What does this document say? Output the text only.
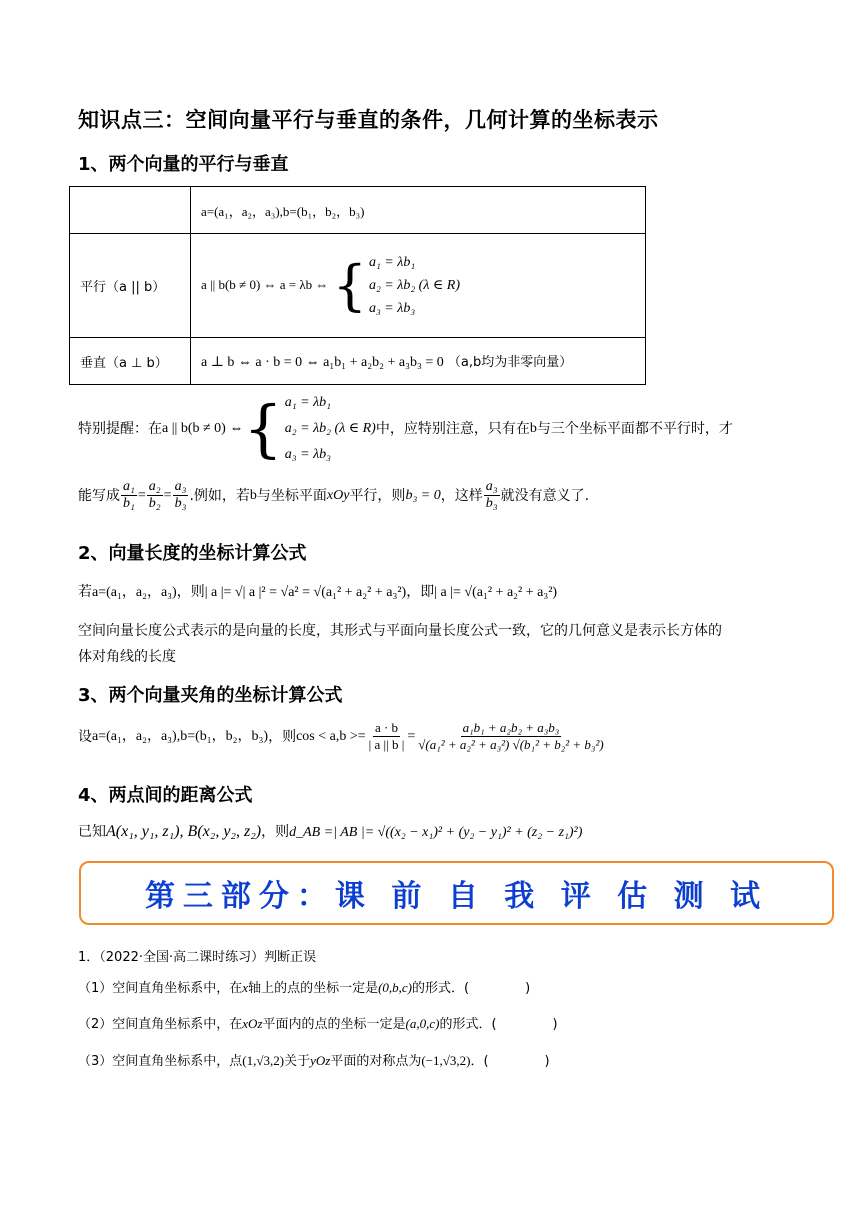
知识点三：空间向量平行与垂直的条件，几何计算的坐标表示
1、两个向量的平行与垂直
	a=(a₁，a₂，a₃),b=(b₁，b₂，b₃)
平行（a || b）	a || b(b ≠ 0) ⇔ a = λb ⇔ { a₁ = λb₁
a₂ = λb₂ (λ ∈ R)
a₃ = λb₃

垂直（a ⊥ b）	a ⊥ b ⇔ a · b = 0 ⇔ a₁b₁ + a₂b₂ + a₃b₃ = 0 （a,b均为非零向量）
特别提醒：在 a || b(b ≠ 0) ⇔ { a₁ = λb₁
a₂ = λb₂ (λ ∈ R)
a₃ = λb₃
中，应特别注意，只有在 b 与三个坐标平面都不平行时，才
能写成 $\frac{\text{a₁}}{\text{b₁}} = \frac{\text{a₂}}{\text{b₂}} = \frac{\text{a₃}}{\text{b₃}}$ .例如，若 b 与坐标平面 xOy 平行，则 b₃ = 0 ，这样 $\frac{\text{a₃}}{\text{b₃}}$ 就没有意义了.
2、向量长度的坐标计算公式
若a=(a₁，a₂，a₃)，则| a |= √| a |² = √a² = √(a₁² + a₂² + a₃²)，即| a |= √(a₁² + a₂² + a₃²)
空间向量长度公式表示的是向量的长度，其形式与平面向量长度公式一致，它的几何意义是表示长方体的
体对角线的长度
3、两个向量夹角的坐标计算公式
设 a=(a₁，a₂，a₃),b=(b₁，b₂，b₃) ，则 $\cos < a,b >= \frac{a \cdot b}{| a || b |} = \frac{\text{a₁b₁ + a₂b₂ + a₃b₃}}{\text{√(a₁² + a₂² + a₃²) √(b₁² + b₂² + b₃²)}}$
4、两点间的距离公式
已知A(x₁, y₁, z₁), B(x₂, y₂, z₂)，则d_AB =| AB |= √((x₂ − x₁)² + (y₂ − y₁)² + (z₂ − z₁)²)
第三部分：课 前 自 我 评 估 测 试
1．（2022·全国·高二课时练习）判断正误
（1）空间直角坐标系中，在x轴上的点的坐标一定是(0,b,c)的形式．(	)
（2）空间直角坐标系中，在xOz平面内的点的坐标一定是(a,0,c)的形式．(	)
（3）空间直角坐标系中，点(1,√3,2)关于yOz平面的对称点为(−1,√3,2)．(	)
